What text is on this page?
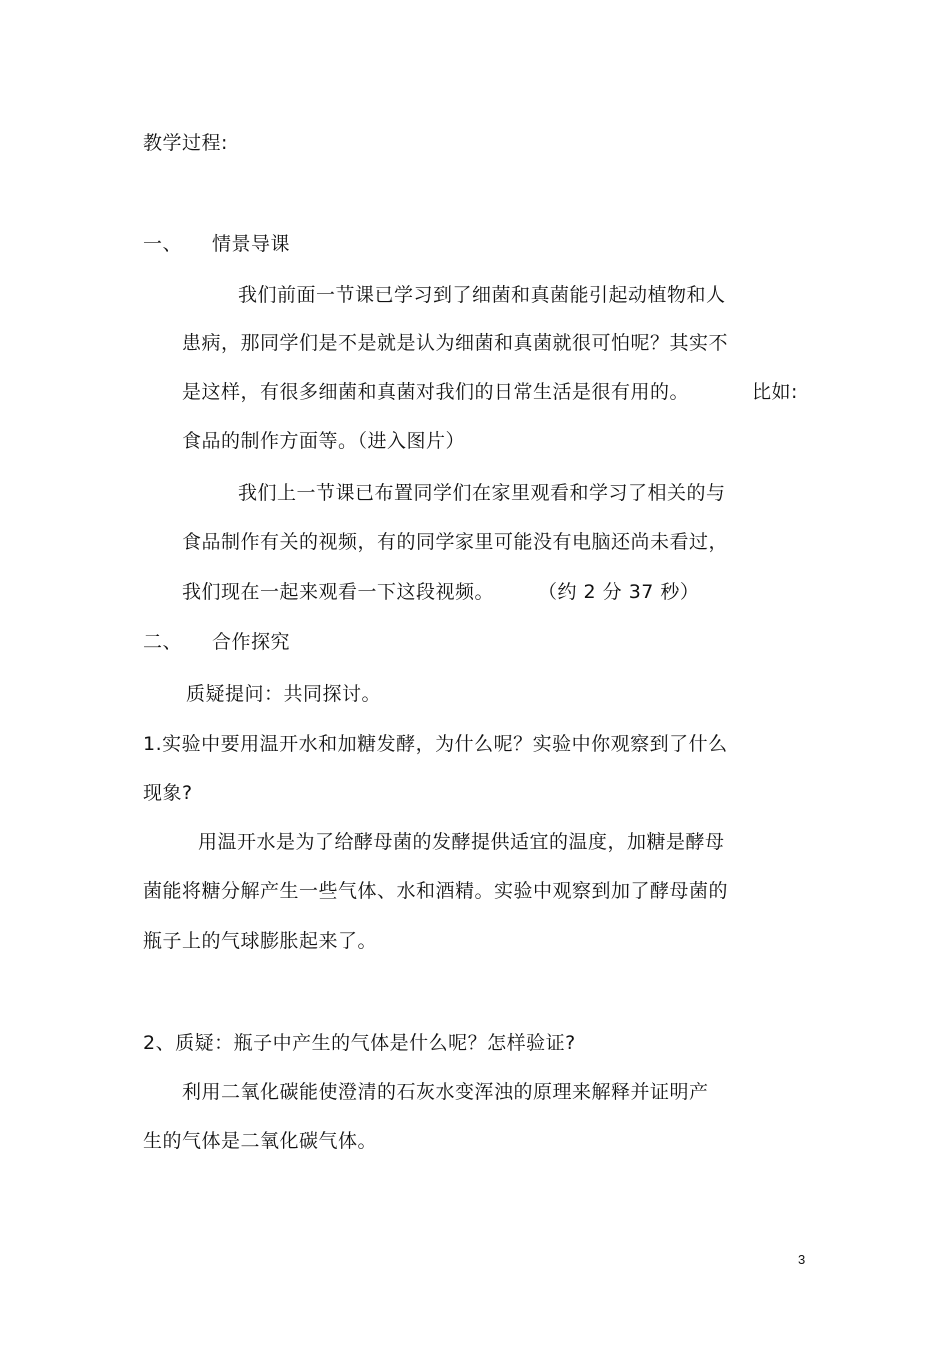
教学过程:
一、 情景导课
我们前面一节课已学习到了细菌和真菌能引起动植物和人
患病，那同学们是不是就是认为细菌和真菌就很可怕呢？其实不
是这样，有很多细菌和真菌对我们的日常生活是很有用的。	比如:
食品的制作方面等。（进入图片）
我们上一节课已布置同学们在家里观看和学习了相关的与
食品制作有关的视频，有的同学家里可能没有电脑还尚未看过，
我们现在一起来观看一下这段视频。 （约 2 分 37 秒）
二、 合作探究
质疑提问：共同探讨。
1.实验中要用温开水和加糖发酵，为什么呢？实验中你观察到了什么
现象?
用温开水是为了给酵母菌的发酵提供适宜的温度，加糖是酵母
菌能将糖分解产生一些气体、水和酒精。实验中观察到加了酵母菌的
瓶子上的气球膨胀起来了。
2、质疑：瓶子中产生的气体是什么呢？怎样验证?
利用二氧化碳能使澄清的石灰水变浑浊的原理来解释并证明产
生的气体是二氧化碳气体。
3
